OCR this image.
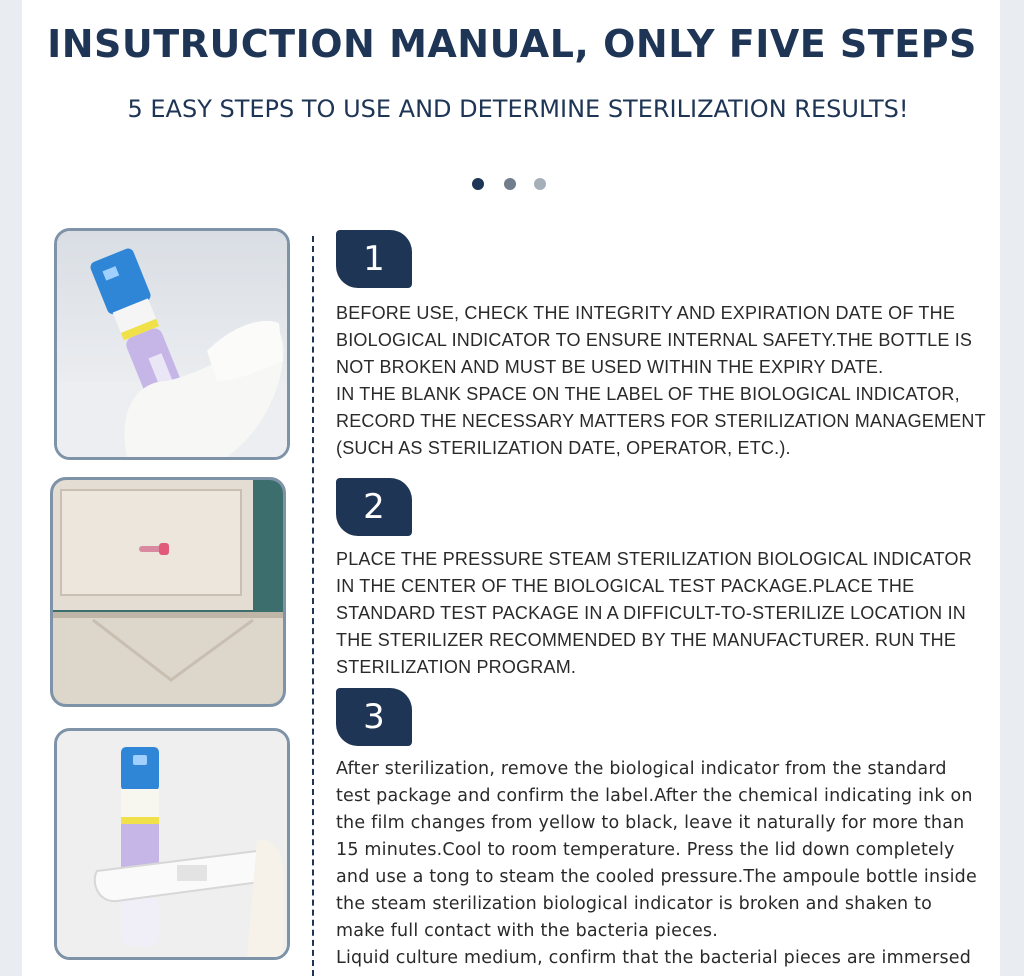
INSUTRUCTION MANUAL, ONLY FIVE STEPS
5 EASY STEPS TO USE AND DETERMINE STERILIZATION RESULTS!
1
BEFORE USE, CHECK THE INTEGRITY AND EXPIRATION DATE OF THE
BIOLOGICAL INDICATOR TO ENSURE INTERNAL SAFETY.THE BOTTLE IS
NOT BROKEN AND MUST BE USED WITHIN THE EXPIRY DATE.
IN THE BLANK SPACE ON THE LABEL OF THE BIOLOGICAL INDICATOR,
RECORD THE NECESSARY MATTERS FOR STERILIZATION MANAGEMENT
(SUCH AS STERILIZATION DATE, OPERATOR, ETC.).
2
PLACE THE PRESSURE STEAM STERILIZATION BIOLOGICAL INDICATOR
IN THE CENTER OF THE BIOLOGICAL TEST PACKAGE.PLACE THE
STANDARD TEST PACKAGE IN A DIFFICULT-TO-STERILIZE LOCATION IN
THE STERILIZER RECOMMENDED BY THE MANUFACTURER. RUN THE
STERILIZATION PROGRAM.
3
After sterilization, remove the biological indicator from the standard
test package and confirm the label.After the chemical indicating ink on
the film changes from yellow to black, leave it naturally for more than
15 minutes.Cool to room temperature. Press the lid down completely
and use a tong to steam the cooled pressure.The ampoule bottle inside
the steam sterilization biological indicator is broken and shaken to
make full contact with the bacteria pieces.
Liquid culture medium, confirm that the bacterial pieces are immersed
